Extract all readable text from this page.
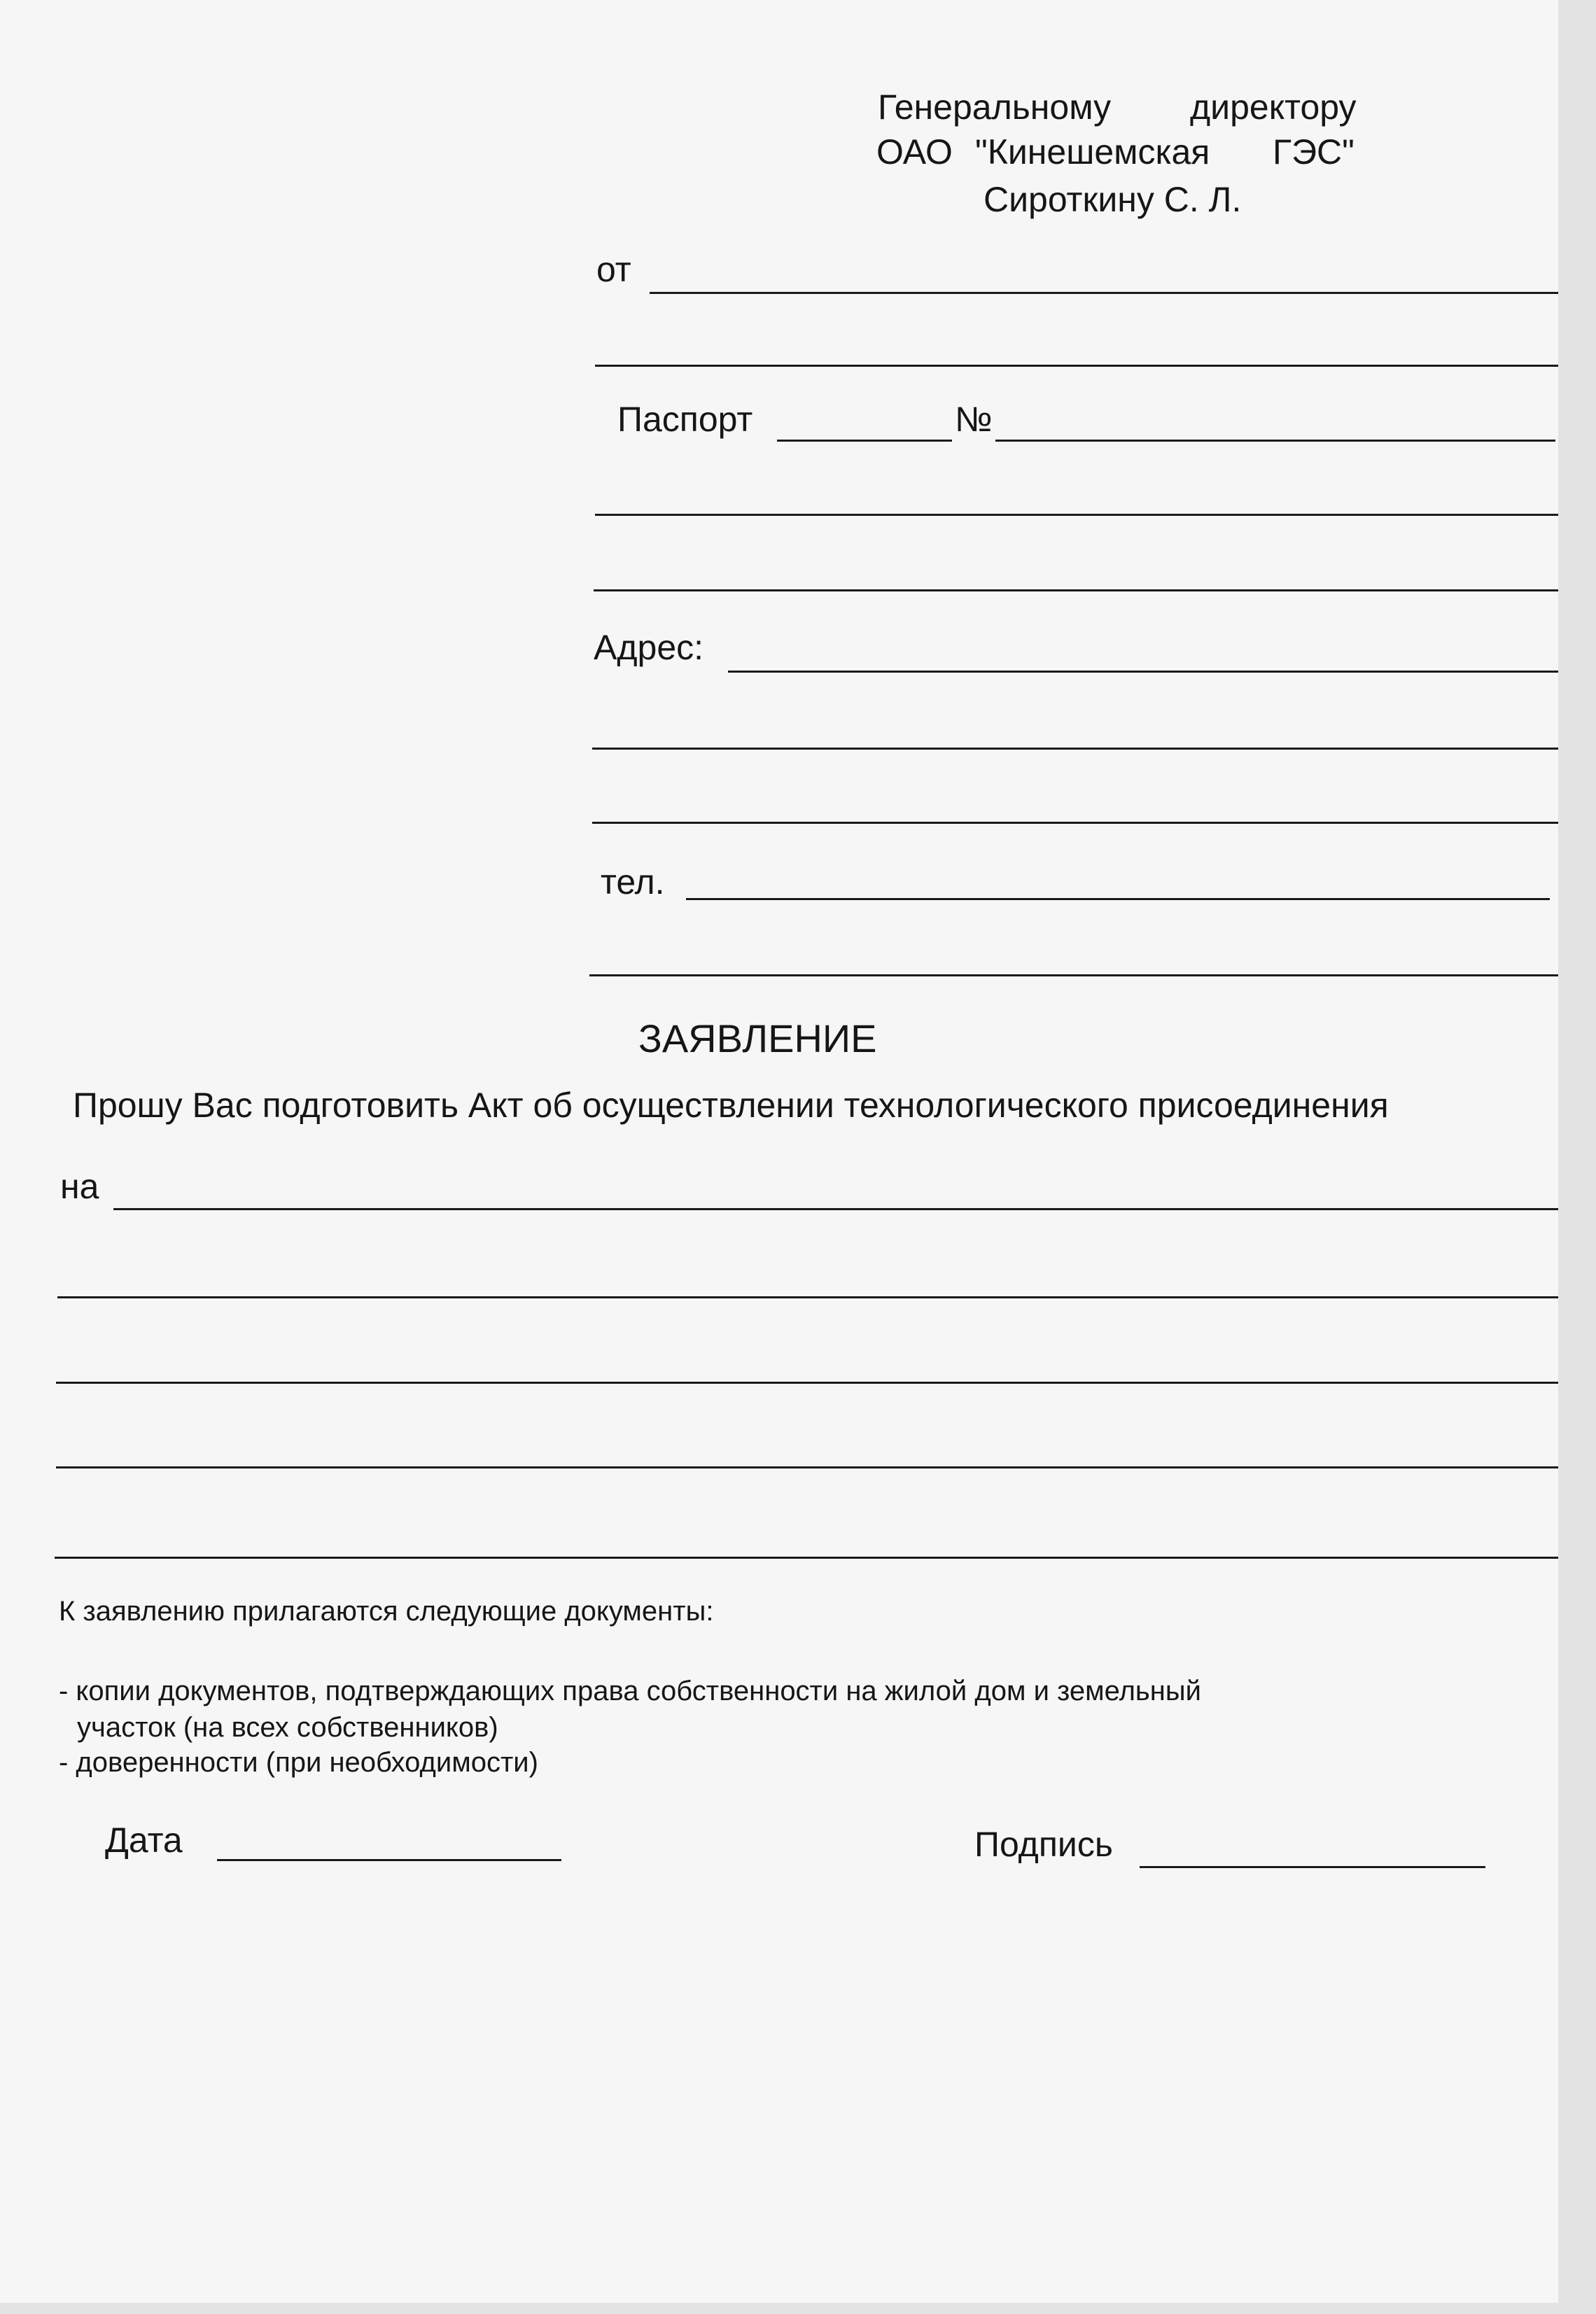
Генеральному директору
ОАО "Кинешемская ГЭС"
Сироткину С. Л.
от
Паспорт	№
Адрес:
тел.
ЗАЯВЛЕНИЕ
Прошу Вас подготовить Акт об осуществлении технологического присоединения
на
К заявлению прилагаются следующие документы:
- копии документов, подтверждающих права собственности на жилой дом и земельный
участок (на всех собственников)
- доверенности (при необходимости)
Дата	Подпись
